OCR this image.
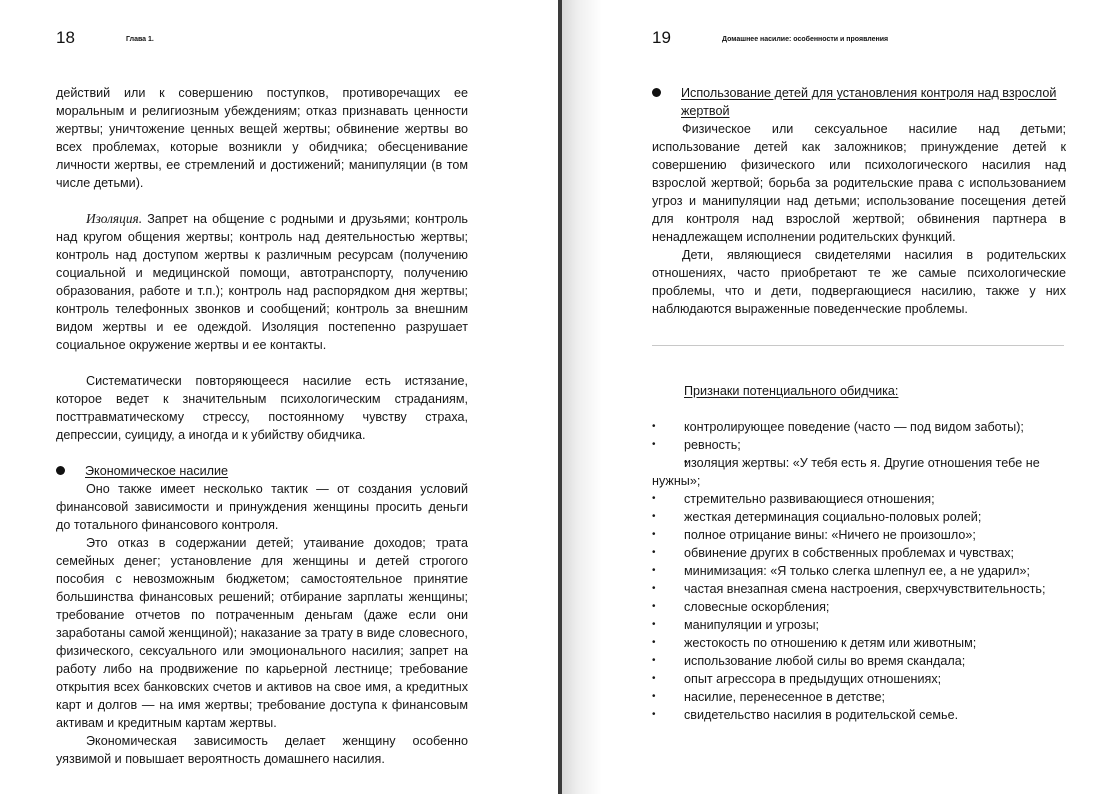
18	Глава 1.

действий или к совершению поступков, противоречащих ее моральным и религиозным убеждениям; отказ признавать ценности жертвы; уничтожение ценных вещей жертвы; обвинение жертвы во всех проблемах, которые возникли у обидчика; обесценивание личности жертвы, ее стремлений и достижений; манипуляции (в том числе детьми).

Изоляция. Запрет на общение с родными и друзьями; контроль над кругом общения жертвы; контроль над деятельностью жертвы; контроль над доступом жертвы к различным ресурсам (получению социальной и медицинской помощи, автотранспорту, получению образования, работе и т.п.); контроль над распорядком дня жертвы; контроль телефонных звонков и сообщений; контроль за внешним видом жертвы и ее одеждой. Изоляция постепенно разрушает социальное окружение жертвы и ее контакты.

Систематически повторяющееся насилие есть истязание, которое ведет к значительным психологическим страданиям, посттравматическому стрессу, постоянному чувству страха, депрессии, суициду, а иногда и к убийству обидчика.

Экономическое насилие

Оно также имеет несколько тактик — от создания условий финансовой зависимости и принуждения женщины просить деньги до тотального финансового контроля.

Это отказ в содержании детей; утаивание доходов; трата семейных денег; установление для женщины и детей строгого пособия с невозможным бюджетом; самостоятельное принятие большинства финансовых решений; отбирание зарплаты женщины; требование отчетов по потраченным деньгам (даже если они заработаны самой женщиной); наказание за трату в виде словесного, физического, сексуального или эмоционального насилия; запрет на работу либо на продвижение по карьерной лестнице; требование открытия всех банковских счетов и активов на свое имя, а кредитных карт и долгов — на имя жертвы; требование доступа к финансовым активам и кредитным картам жертвы.

Экономическая зависимость делает женщину особенно уязвимой и повышает вероятность домашнего насилия.

19	Домашнее насилие: особенности и проявления
Использование детей для установления контроля над взрослой жертвой

Физическое или сексуальное насилие над детьми; использование детей как заложников; принуждение детей к совершению физического или психологического насилия над взрослой жертвой; борьба за родительские права с использованием угроз и манипуляции над детьми; использование посещения детей для контроля над взрослой жертвой; обвинения партнера в ненадлежащем исполнении родительских функций.

Дети, являющиеся свидетелями насилия в родительских отношениях, часто приобретают те же самые психологические проблемы, что и дети, подвергающиеся насилию, также у них наблюдаются выраженные поведенческие проблемы.

Признаки потенциального обидчика:

• контролирующее поведение (часто — под видом заботы);
• ревность;
• изоляция жертвы: «У тебя есть я. Другие отношения тебе не нужны»;
• стремительно развивающиеся отношения;
• жесткая детерминация социально-половых ролей;
• полное отрицание вины: «Ничего не произошло»;
• обвинение других в собственных проблемах и чувствах;
• минимизация: «Я только слегка шлепнул ее, а не ударил»;
• частая внезапная смена настроения, сверхчувствительность;
• словесные оскорбления;
• манипуляции и угрозы;
• жестокость по отношению к детям или животным;
• использование любой силы во время скандала;
• опыт агрессора в предыдущих отношениях;
• насилие, перенесенное в детстве;
• свидетельство насилия в родительской семье.
